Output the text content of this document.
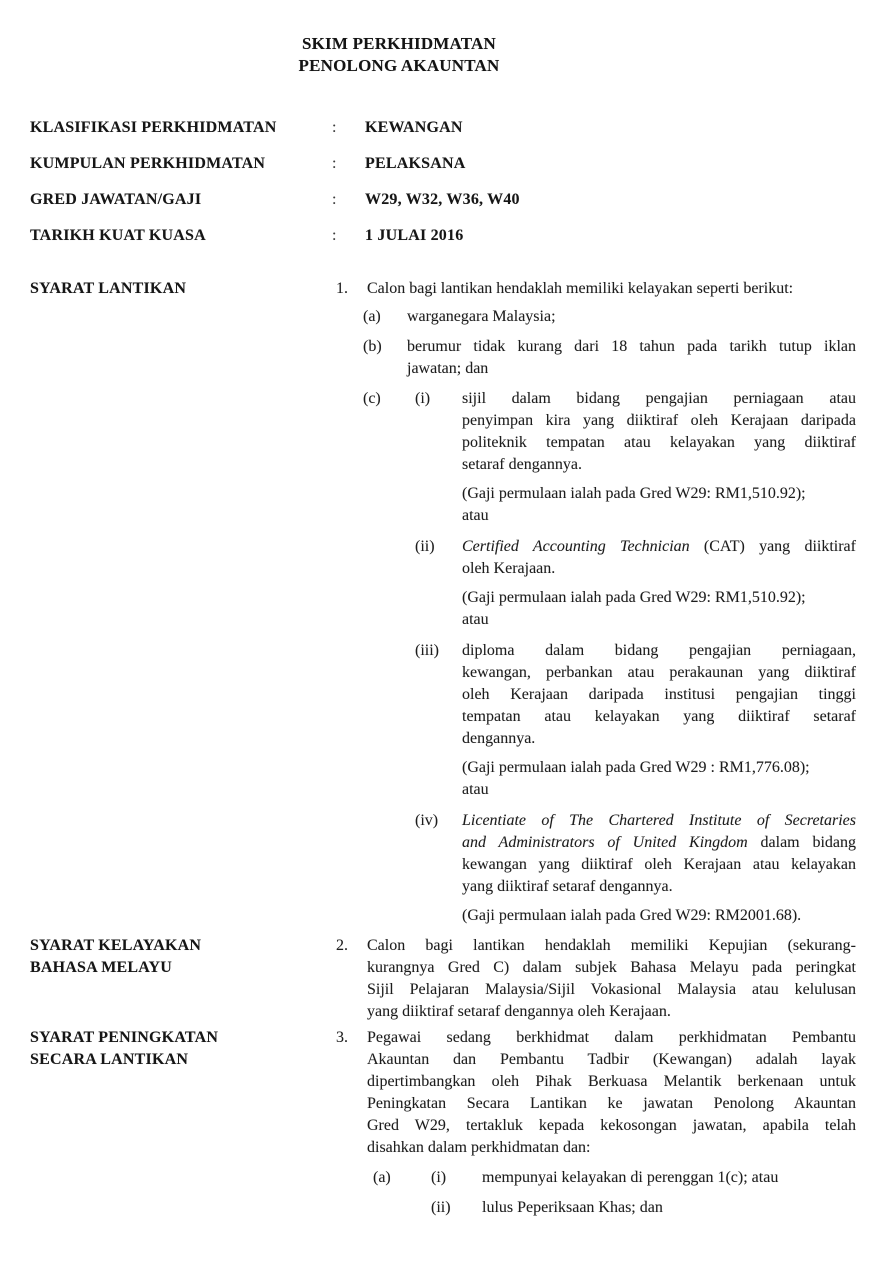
SKIM PERKHIDMATAN
PENOLONG AKAUNTAN
KLASIFIKASI PERKHIDMATAN	:	KEWANGAN
KUMPULAN PERKHIDMATAN	:	PELAKSANA
GRED JAWATAN/GAJI	:	W29, W32, W36, W40
TARIKH KUAT KUASA	:	1 JULAI 2016
SYARAT LANTIKAN	1.	Calon bagi lantikan hendaklah memiliki kelayakan seperti berikut:
(a)	warganegara Malaysia;
(b)	berumur tidak kurang dari 18 tahun pada tarikh tutup iklan
jawatan; dan
(c)	(i)	sijil dalam bidang pengajian perniagaan atau
penyimpan kira yang diiktiraf oleh Kerajaan daripada
politeknik tempatan atau kelayakan yang diiktiraf
setaraf dengannya.
(Gaji permulaan ialah pada Gred W29: RM1,510.92);
atau
(ii)	Certified Accounting Technician (CAT) yang diiktiraf
oleh Kerajaan.
(Gaji permulaan ialah pada Gred W29: RM1,510.92);
atau
(iii)	diploma dalam bidang pengajian perniagaan,
kewangan, perbankan atau perakaunan yang diiktiraf
oleh Kerajaan daripada institusi pengajian tinggi
tempatan atau kelayakan yang diiktiraf setaraf
dengannya.
(Gaji permulaan ialah pada Gred W29 : RM1,776.08);
atau
(iv)	Licentiate of The Chartered Institute of Secretaries
and Administrators of United Kingdom dalam bidang
kewangan yang diiktiraf oleh Kerajaan atau kelayakan
yang diiktiraf setaraf dengannya.
(Gaji permulaan ialah pada Gred W29: RM2001.68).
SYARAT KELAYAKAN
BAHASA MELAYU
2.	Calon bagi lantikan hendaklah memiliki Kepujian (sekurang-
kurangnya Gred C) dalam subjek Bahasa Melayu pada peringkat
Sijil Pelajaran Malaysia/Sijil Vokasional Malaysia atau kelulusan
yang diiktiraf setaraf dengannya oleh Kerajaan.
SYARAT PENINGKATAN
SECARA LANTIKAN
3.	Pegawai sedang berkhidmat dalam perkhidmatan Pembantu
Akauntan dan Pembantu Tadbir (Kewangan) adalah layak
dipertimbangkan oleh Pihak Berkuasa Melantik berkenaan untuk
Peningkatan Secara Lantikan ke jawatan Penolong Akauntan
Gred W29, tertakluk kepada kekosongan jawatan, apabila telah
disahkan dalam perkhidmatan dan:
(a)	(i)	mempunyai kelayakan di perenggan 1(c); atau
(ii)	lulus Peperiksaan Khas; dan
